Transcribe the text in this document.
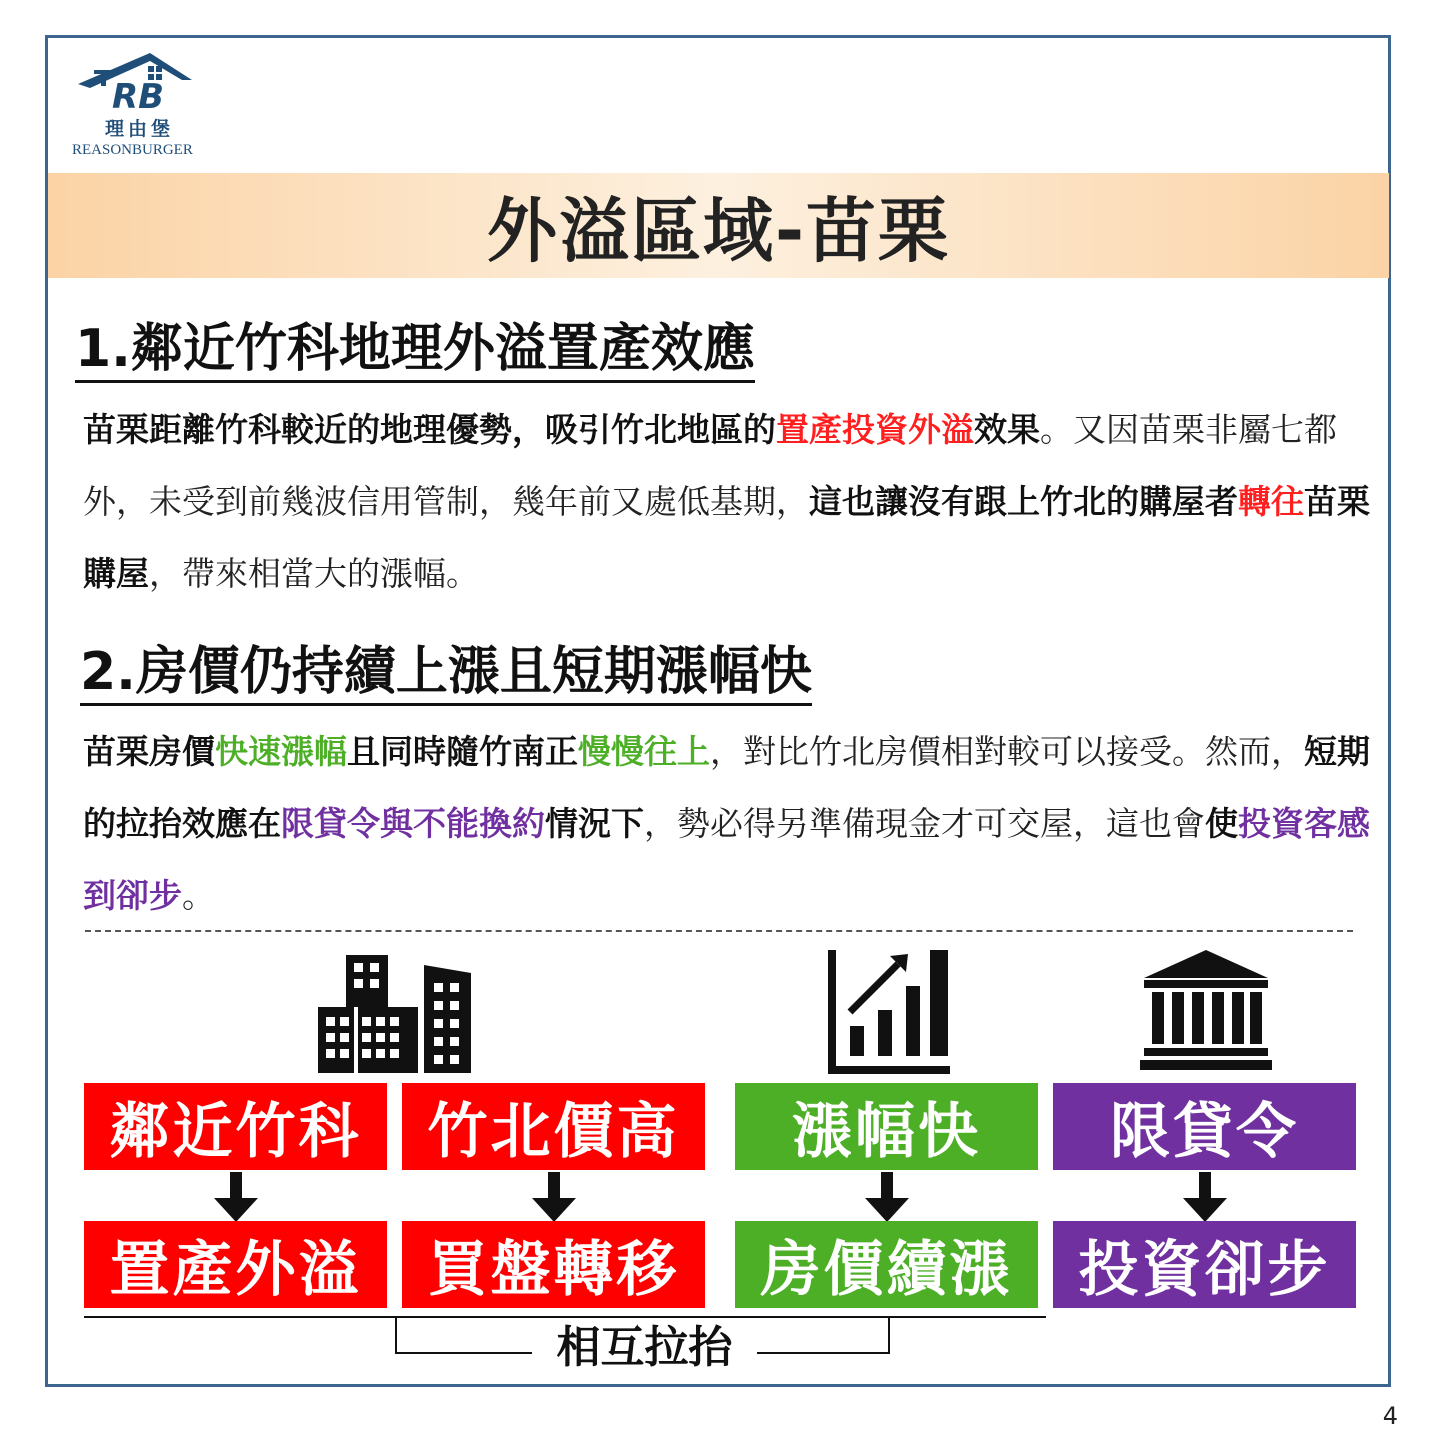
RB
理由堡
REASONBURGER
外溢區域-苗栗
1.鄰近竹科地理外溢置產效應
苗栗距離竹科較近的地理優勢，吸引竹北地區的置產投資外溢效果。又因苗栗非屬七都外，未受到前幾波信用管制，幾年前又處低基期，這也讓沒有跟上竹北的購屋者轉往苗栗購屋，帶來相當大的漲幅。
2.房價仍持續上漲且短期漲幅快
苗栗房價快速漲幅且同時隨竹南正慢慢往上，對比竹北房價相對較可以接受。然而，短期的拉抬效應在限貸令與不能換約情況下，勢必得另準備現金才可交屋，這也會使投資客感到卻步。
鄰近竹科	竹北價高	漲幅快	限貸令
置產外溢	買盤轉移	房價續漲	投資卻步
相互拉抬
4
